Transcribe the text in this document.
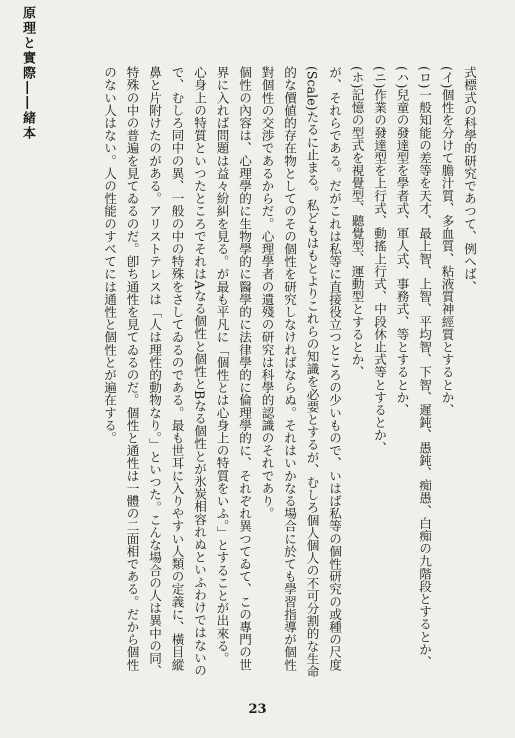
原理と實際――緒本	式標式の科學的研究であつて、例へば、

(イ)個性を分けて膽汁質、多血質、粘液質神經質とするとか、

(ロ)一般知能の差等を天才、最上智、上智、平均智、下智、遲鈍、愚鈍、痴愚、白痴の九階段とするとか、

(ハ)兒童の發達型を學者式、軍人式、事務式、等とするとか、

(ニ)作業の發達型を上行式、動搖上行式、中段休止式等とするとか、

(ホ)記憶の型式を視覺型、聽覺型、運動型とするとか、

が、それらである。だがこれは私等に直接役立つところの少いもので、いはば私等の個性研究の或種の尺度(Scale)たるに止まる。私どもはもとよりこれらの知識を必要とするが、むしろ個人個人の不可分割的な生命的な價値的存在物としてのその個性を研究しなければならぬ。それはいかなる場合に於ても學習指導が個性對個性の交渉であるからだ。心理學者の遺殘の研究は科學的認識のそれであり。

個性の內容は、心理學的に生物學的に醫學的に法律學的に倫理學的に、それぞれ異つてゐて、この專門の世界に入れば問題は益々紛糾を見る。が最も平凡に「個性とは心身上の特質をいふ。」とすることが出來る。

心身上の特質といつたところでそれはAなる個性と個性とBなる個性とが氷炭相容れぬといふわけではないので、むしろ同中の異、一般の中の特殊をさしてゐるのである。最も世耳に入りやすい人類の定義に、橫目縱鼻と片附けたのがある。アリストテレスは「人は理性的動物なり。」といつた。こんな場合の人は異中の同、特殊の中の普遍を見てゐるのだ。卽ち通性を見てゐるのだ。個性と通性は一體の二面相である。だから個性のない人はない。人の性能のすべてには通性と個性とが遍在する。

23
